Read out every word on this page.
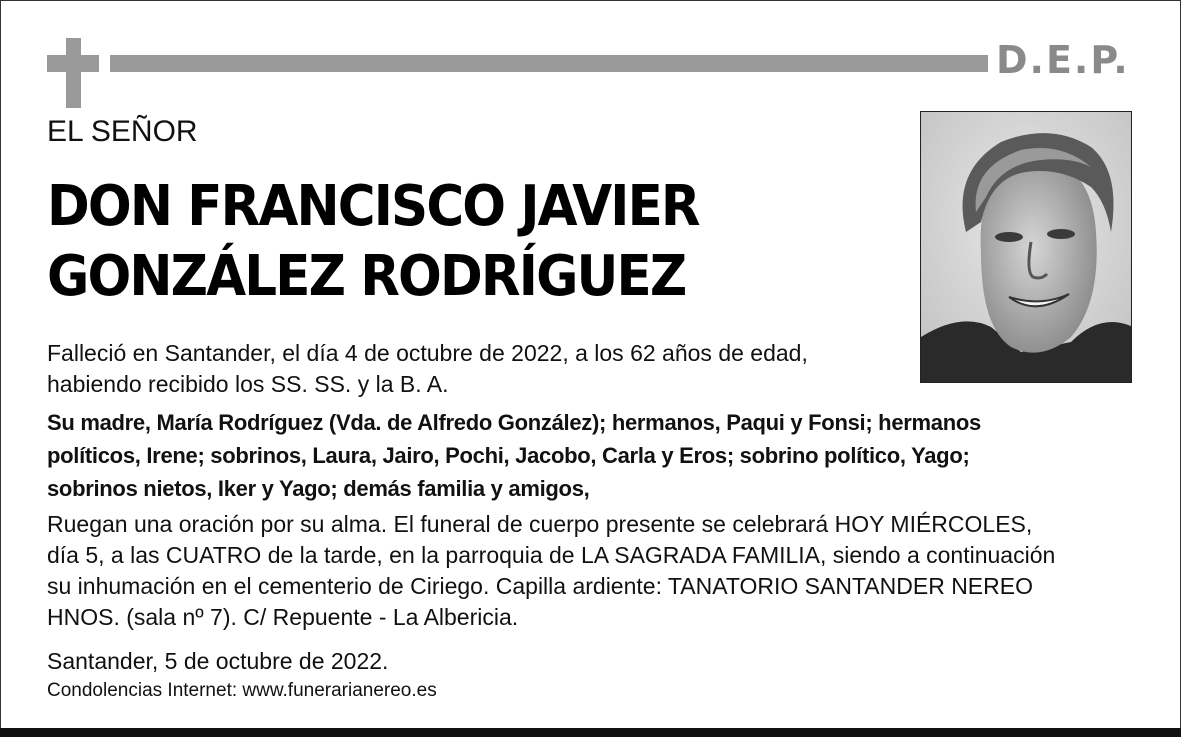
D.E.P.
EL SEÑOR
DON FRANCISCO JAVIER
GONZÁLEZ RODRÍGUEZ
Falleció en Santander, el día 4 de octubre de 2022, a los 62 años de edad,
habiendo recibido los SS. SS. y la B. A.
Su madre, María Rodríguez (Vda. de Alfredo González); hermanos, Paqui y Fonsi; hermanos
políticos, Irene; sobrinos, Laura, Jairo, Pochi, Jacobo, Carla y Eros; sobrino político, Yago;
sobrinos nietos, Iker y Yago; demás familia y amigos,
Ruegan una oración por su alma. El funeral de cuerpo presente se celebrará HOY MIÉRCOLES,
día 5, a las CUATRO de la tarde, en la parroquia de LA SAGRADA FAMILIA, siendo a continuación
su inhumación en el cementerio de Ciriego. Capilla ardiente: TANATORIO SANTANDER NEREO
HNOS. (sala nº 7). C/ Repuente - La Albericia.
Santander, 5 de octubre de 2022.
Condolencias Internet: www.funerarianereo.es
